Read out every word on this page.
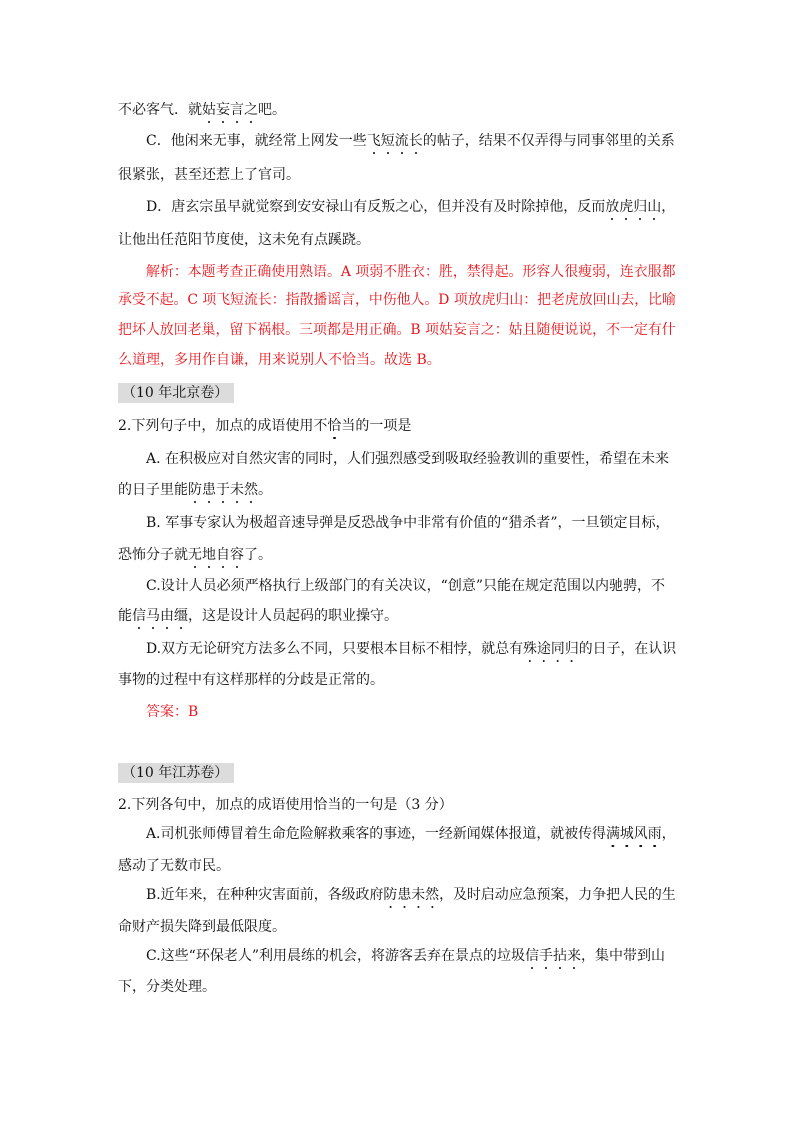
不必客气．就姑妄言之吧。
C．他闲来无事，就经常上网发一些飞短流长的帖子，结果不仅弄得与同事邻里的关系
很紧张，甚至还惹上了官司。
D．唐玄宗虽早就觉察到安安禄山有反叛之心，但并没有及时除掉他，反而放虎归山，
让他出任范阳节度使，这未免有点蹊跷。
解析：本题考查正确使用熟语。A 项弱不胜衣：胜，禁得起。形容人很瘦弱，连衣服都
承受不起。C 项飞短流长：指散播谣言，中伤他人。D 项放虎归山：把老虎放回山去，比喻
把坏人放回老巢，留下祸根。三项都是用正确。B 项姑妄言之：姑且随便说说，不一定有什
么道理，多用作自谦，用来说别人不恰当。故选 B。
（10 年北京卷）
2.下列句子中，加点的成语使用不恰当的一项是
A. 在积极应对自然灾害的同时，人们强烈感受到吸取经验教训的重要性，希望在未来
的日子里能防患于未然。
B. 军事专家认为极超音速导弹是反恐战争中非常有价值的“猎杀者”，一旦锁定目标，
恐怖分子就无地自容了。
C.设计人员必须严格执行上级部门的有关决议，“创意”只能在规定范围以内驰骋，不
能信马由缰，这是设计人员起码的职业操守。
D.双方无论研究方法多么不同，只要根本目标不相悖，就总有殊途同归的日子，在认识
事物的过程中有这样那样的分歧是正常的。
答案：B
（10 年江苏卷）
2.下列各句中，加点的成语使用恰当的一句是（3 分）
A.司机张师傅冒着生命危险解救乘客的事迹，一经新闻媒体报道，就被传得满城风雨，
感动了无数市民。
B.近年来，在种种灾害面前，各级政府防患未然，及时启动应急预案，力争把人民的生
命财产损失降到最低限度。
C.这些“环保老人”利用晨练的机会，将游客丢弃在景点的垃圾信手拈来，集中带到山
下，分类处理。
